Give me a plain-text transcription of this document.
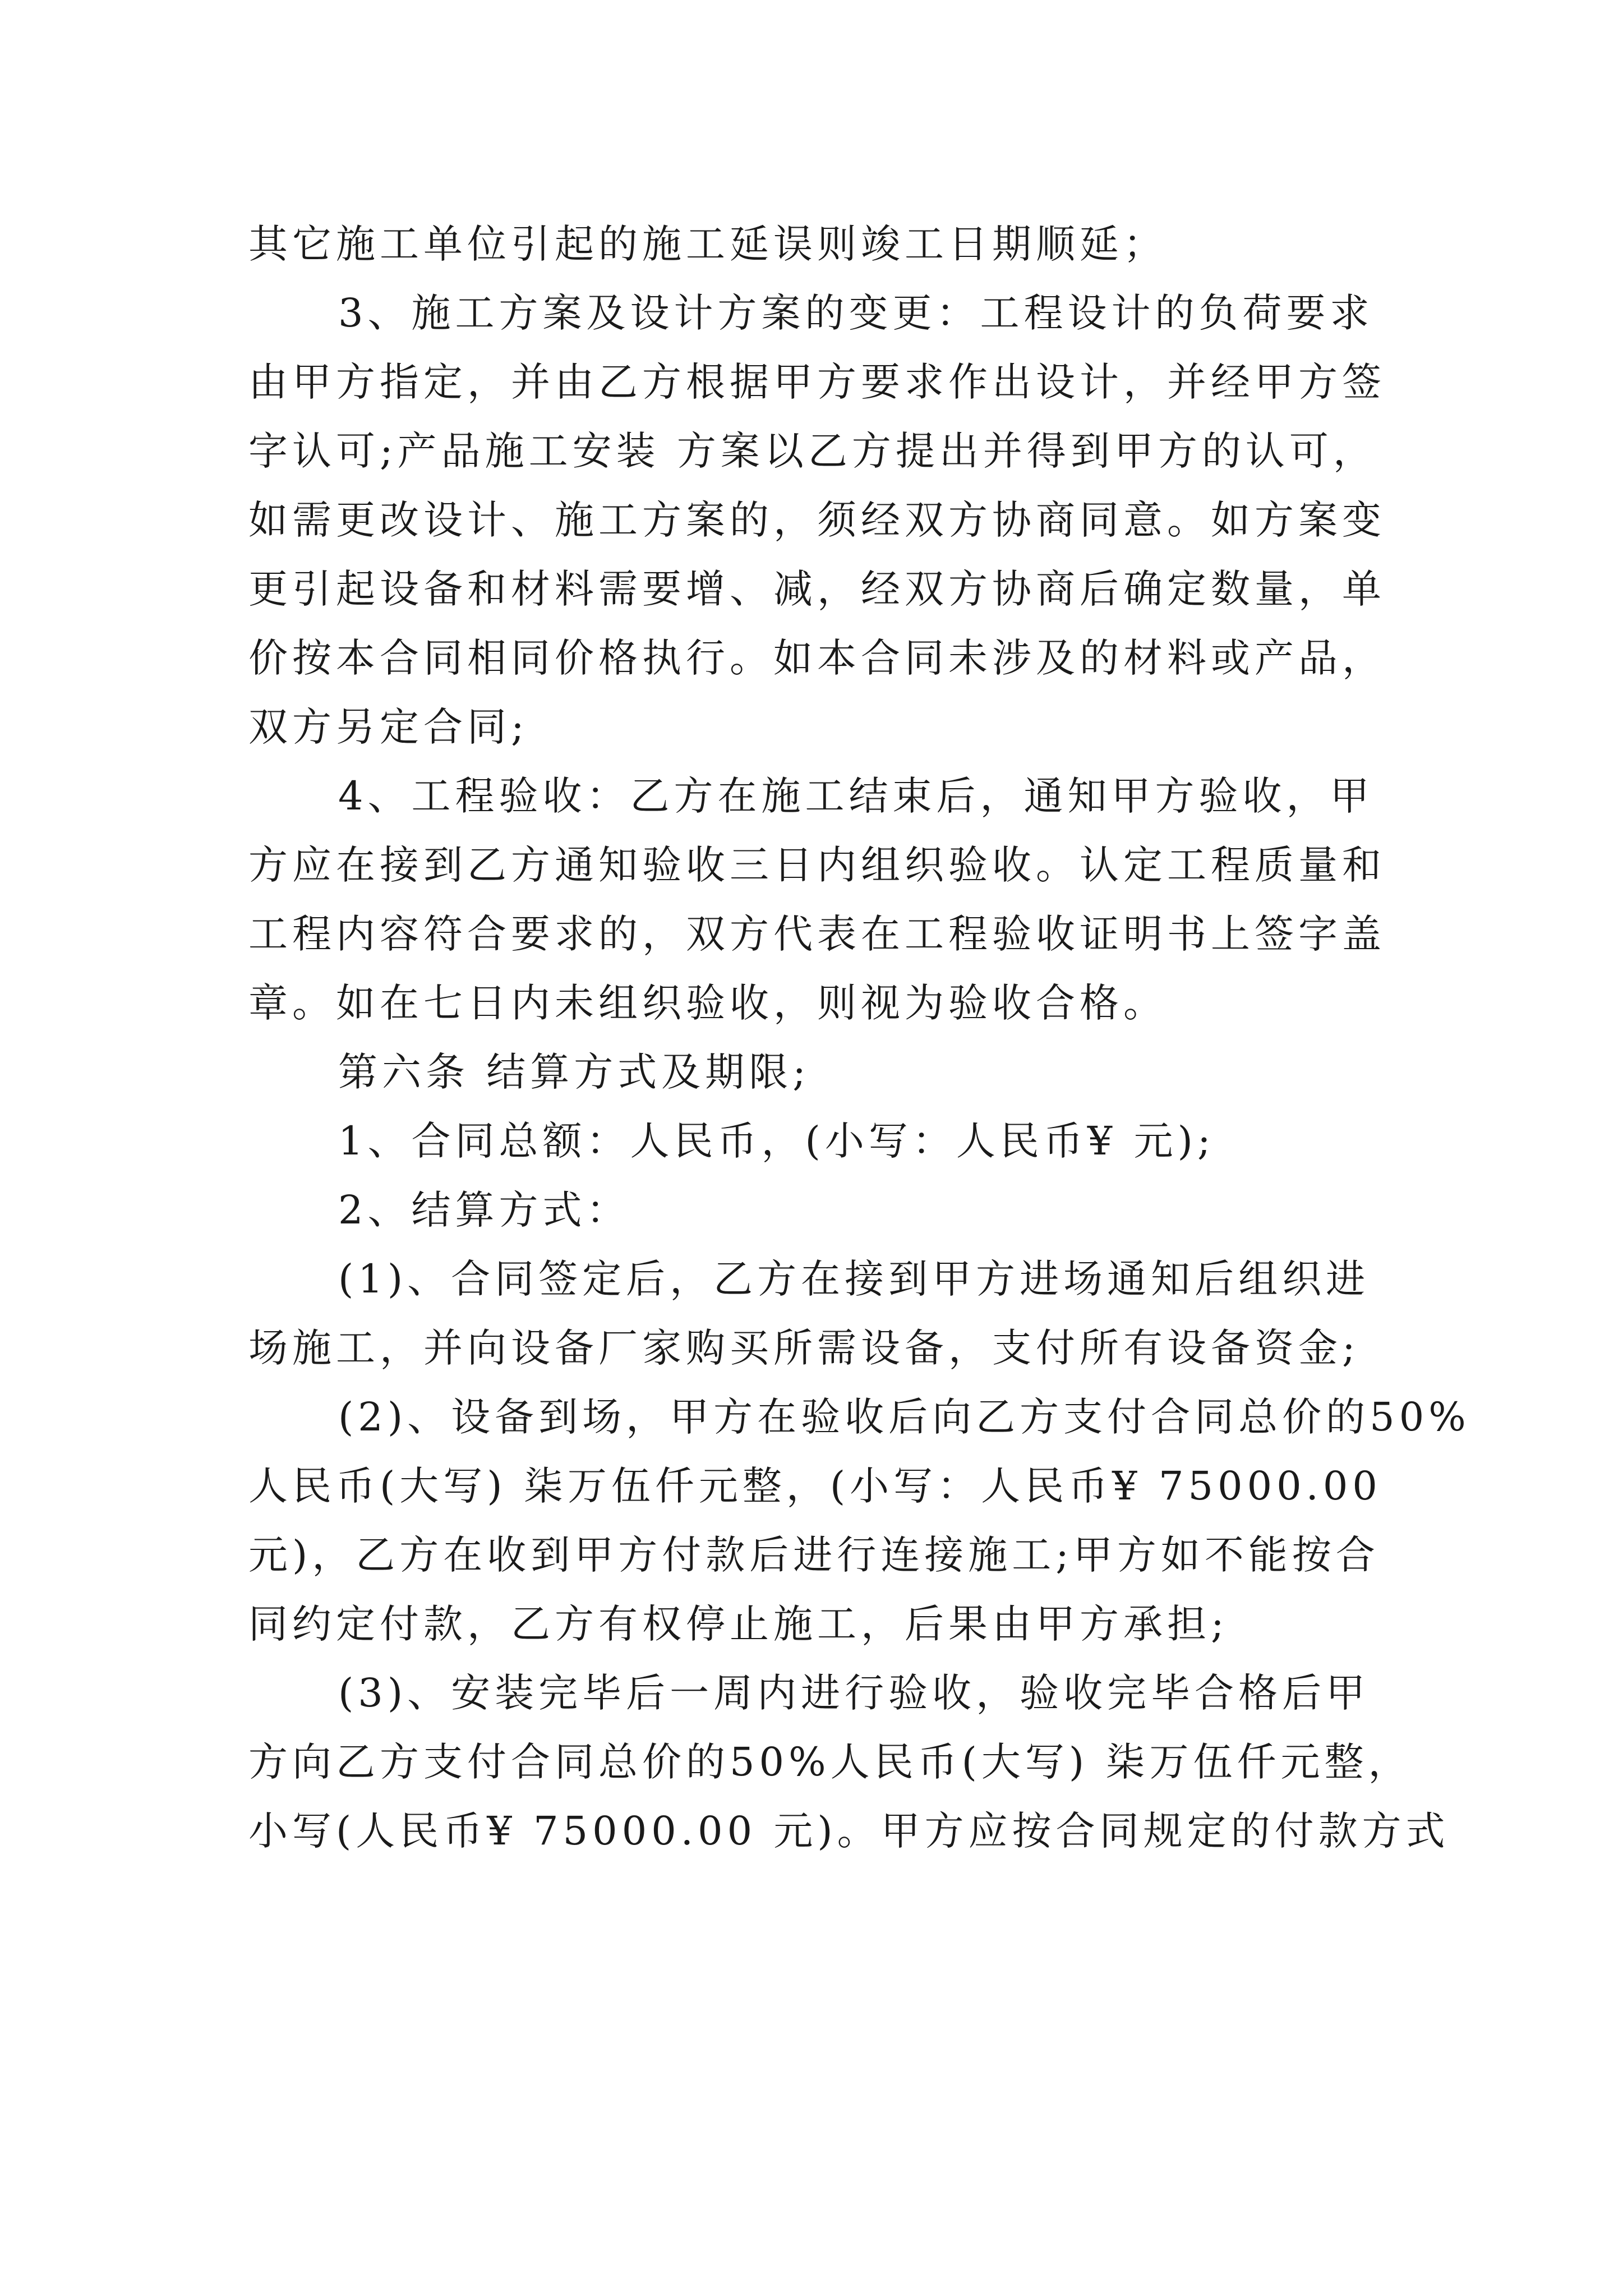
其它施工单位引起的施工延误则竣工日期顺延；
3、施工方案及设计方案的变更：工程设计的负荷要求
由甲方指定，并由乙方根据甲方要求作出设计，并经甲方签
字认可;产品施工安装 方案以乙方提出并得到甲方的认可，
如需更改设计、施工方案的，须经双方协商同意。如方案变
更引起设备和材料需要增、减，经双方协商后确定数量，单
价按本合同相同价格执行。如本合同未涉及的材料或产品，
双方另定合同;
4、工程验收：乙方在施工结束后，通知甲方验收，甲
方应在接到乙方通知验收三日内组织验收。认定工程质量和
工程内容符合要求的，双方代表在工程验收证明书上签字盖
章。如在七日内未组织验收，则视为验收合格。
第六条 结算方式及期限;
1、合同总额：人民币，(小写：人民币¥ 元);
2、结算方式：
(1)、合同签定后，乙方在接到甲方进场通知后组织进
场施工，并向设备厂家购买所需设备，支付所有设备资金;
(2)、设备到场，甲方在验收后向乙方支付合同总价的50%
人民币(大写) 柒万伍仟元整，(小写：人民币¥ 75000.00
元)，乙方在收到甲方付款后进行连接施工;甲方如不能按合
同约定付款，乙方有权停止施工，后果由甲方承担;
(3)、安装完毕后一周内进行验收，验收完毕合格后甲
方向乙方支付合同总价的50%人民币(大写) 柒万伍仟元整，
小写(人民币¥ 75000.00 元)。甲方应按合同规定的付款方式
